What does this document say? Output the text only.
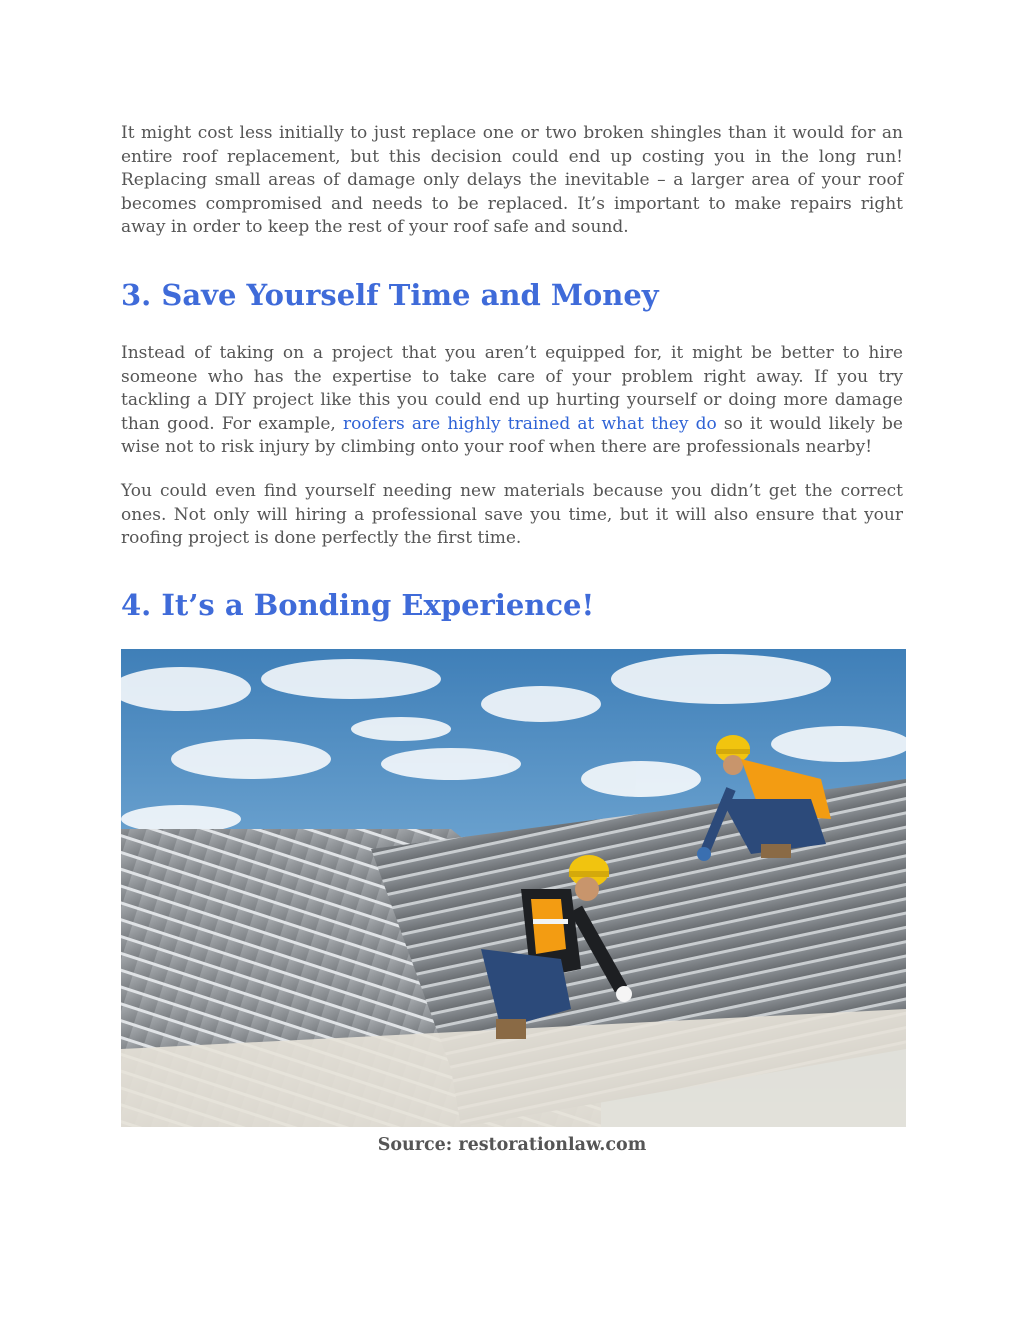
It might cost less initially to just replace one or two broken shingles than it would for an entire roof replacement, but this decision could end up costing you in the long run! Replacing small areas of damage only delays the inevitable – a larger area of your roof becomes compromised and needs to be replaced. It’s important to make repairs right away in order to keep the rest of your roof safe and sound.

3. Save Yourself Time and Money

Instead of taking on a project that you aren’t equipped for, it might be better to hire someone who has the expertise to take care of your problem right away. If you try tackling a DIY project like this you could end up hurting yourself or doing more damage than good. For example, roofers are highly trained at what they do so it would likely be wise not to risk injury by climbing onto your roof when there are professionals nearby!

You could even find yourself needing new materials because you didn’t get the correct ones. Not only will hiring a professional save you time, but it will also ensure that your roofing project is done perfectly the first time.

4. It’s a Bonding Experience!
Source: restorationlaw.com
